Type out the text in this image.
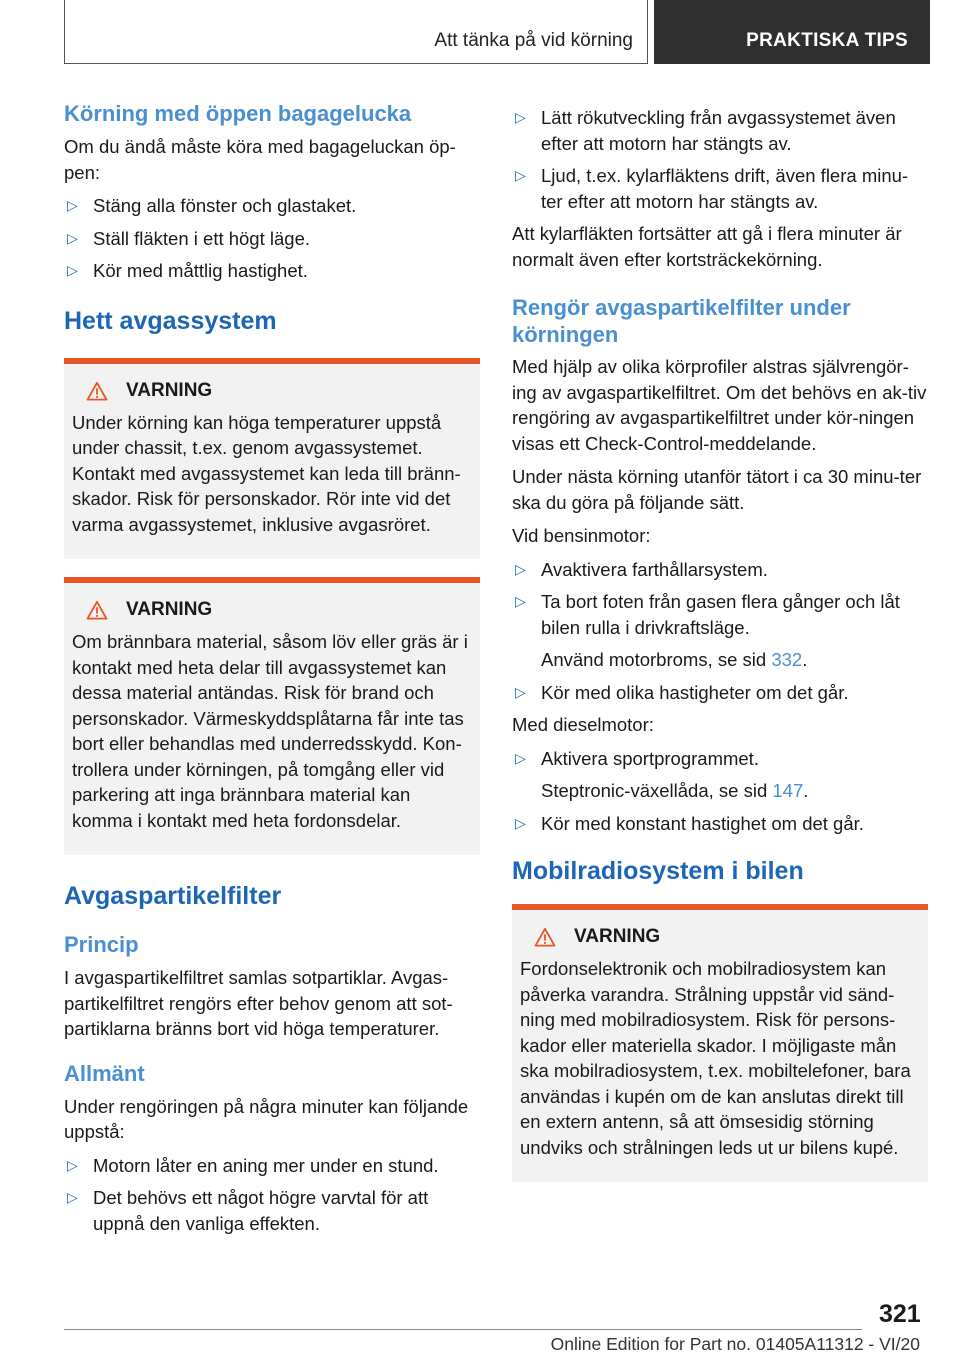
Att tänka på vid körning	PRAKTISKA TIPS
Körning med öppen bagagelucka
Om du ändå måste köra med bagageluckan öp-
pen:
▷ Stäng alla fönster och glastaket.
▷ Ställ fläkten i ett högt läge.
▷ Kör med måttlig hastighet.
Hett avgassystem
VARNING
Under körning kan höga temperaturer uppstå under chassit, t.ex. genom avgassystemet. Kontakt med avgassystemet kan leda till bränn-skador. Risk för personskador. Rör inte vid det varma avgassystemet, inklusive avgasröret.
VARNING
Om brännbara material, såsom löv eller gräs är i kontakt med heta delar till avgassystemet kan dessa material antändas. Risk för brand och personskador. Värmeskyddsplåtarna får inte tas bort eller behandlas med underredsskydd. Kon-trollera under körningen, på tomgång eller vid parkering att inga brännbara material kan komma i kontakt med heta fordonsdelar.
Avgaspartikelfilter
Princip
I avgaspartikelfiltret samlas sotpartiklar. Avgas-partikelfiltret rengörs efter behov genom att sot-partiklarna bränns bort vid höga temperaturer.
Allmänt
Under rengöringen på några minuter kan följande uppstå:
▷ Motorn låter en aning mer under en stund.
▷ Det behövs ett något högre varvtal för att uppnå den vanliga effekten.
▷ Lätt rökutveckling från avgassystemet även efter att motorn har stängts av.
▷ Ljud, t.ex. kylarfläktens drift, även flera minu-ter efter att motorn har stängts av.
Att kylarfläkten fortsätter att gå i flera minuter är normalt även efter kortsträckekörning.
Rengör avgaspartikelfilter under körningen
Med hjälp av olika körprofiler alstras självrengör-ing av avgaspartikelfiltret. Om det behövs en ak-tiv rengöring av avgaspartikelfiltret under kör-ningen visas ett Check-Control-meddelande.
Under nästa körning utanför tätort i ca 30 minu-ter ska du göra på följande sätt.
Vid bensinmotor:
▷ Avaktivera farthållarsystem.
▷ Ta bort foten från gasen flera gånger och låt bilen rulla i drivkraftsläge.
Använd motorbroms, se sid 332.
▷ Kör med olika hastigheter om det går.
Med dieselmotor:
▷ Aktivera sportprogrammet.
Steptronic-växellåda, se sid 147.
▷ Kör med konstant hastighet om det går.
Mobilradiosystem i bilen
VARNING
Fordonselektronik och mobilradiosystem kan påverka varandra. Strålning uppstår vid sänd-ning med mobilradiosystem. Risk för persons-kador eller materiella skador. I möjligaste mån ska mobilradiosystem, t.ex. mobiltelefoner, bara användas i kupén om de kan anslutas direkt till en extern antenn, så att ömsesidig störning undviks och strålningen leds ut ur bilens kupé.
321
Online Edition for Part no. 01405A11312 - VI/20
